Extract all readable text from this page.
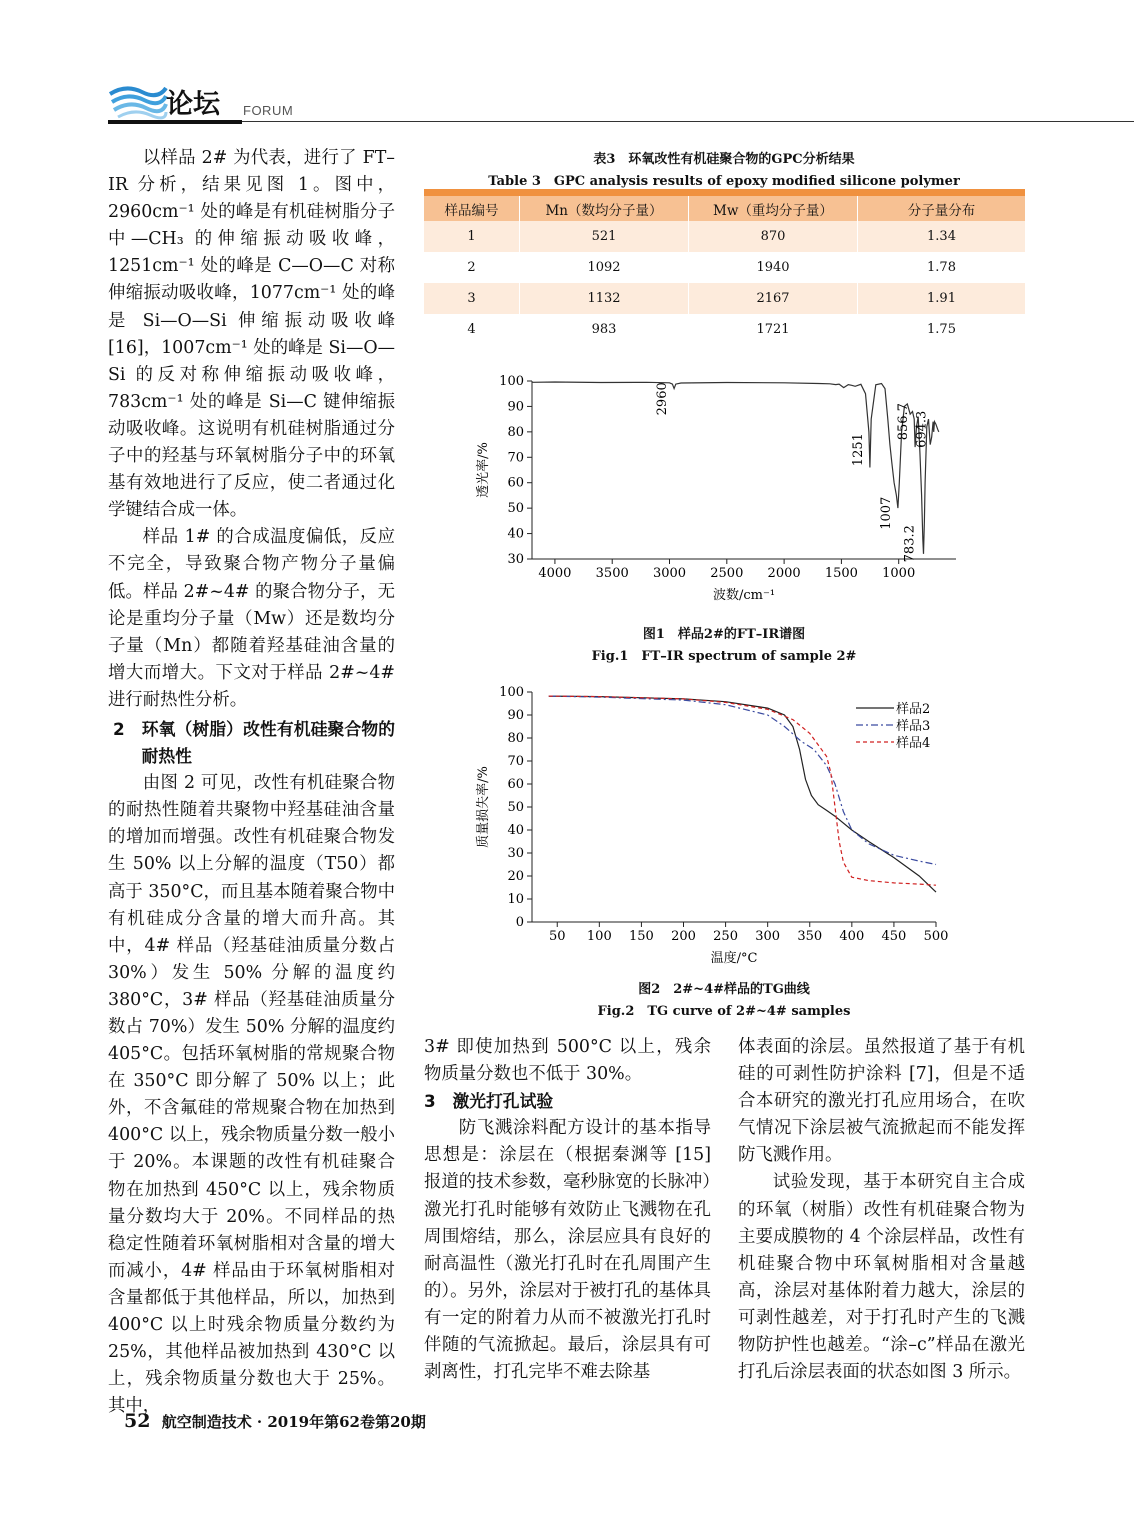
论坛 FORUM

以样品 2# 为代表，进行了 FT–IR 分析，结果见图 1。图中，2960cm⁻¹ 处的峰是有机硅树脂分子中—CH₃ 的伸缩振动吸收峰，1251cm⁻¹ 处的峰是 C—O—C 对称伸缩振动吸收峰，1077cm⁻¹ 处的峰是 Si—O—Si 伸缩振动吸收峰 [16]，1007cm⁻¹ 处的峰是 Si—O—Si 的反对称伸缩振动吸收峰，783cm⁻¹ 处的峰是 Si—C 键伸缩振动吸收峰。这说明有机硅树脂通过分子中的羟基与环氧树脂分子中的环氧基有效地进行了反应，使二者通过化学键结合成一体。

样品 1# 的合成温度偏低，反应不完全，导致聚合物产物分子量偏低。样品 2#~4# 的聚合物分子，无论是重均分子量（Mw）还是数均分子量（Mn）都随着羟基硅油含量的增大而增大。下文对于样品 2#~4# 进行耐热性分析。

2　环氧（树脂）改性有机硅聚合物的耐热性

由图 2 可见，改性有机硅聚合物的耐热性随着共聚物中羟基硅油含量的增加而增强。改性有机硅聚合物发生 50% 以上分解的温度（T50）都高于 350°C，而且基本随着聚合物中有机硅成分含量的增大而升高。其中，4# 样品（羟基硅油质量分数占 30%）发生 50% 分解的温度约 380°C，3# 样品（羟基硅油质量分数占 70%）发生 50% 分解的温度约 405°C。包括环氧树脂的常规聚合物在 350°C 即分解了 50% 以上；此外，不含氟硅的常规聚合物在加热到 400°C 以上，残余物质量分数一般小于 20%。本课题的改性有机硅聚合物在加热到 450°C 以上，残余物质量分数均大于 20%。不同样品的热稳定性随着环氧树脂相对含量的增大而减小，4# 样品由于环氧树脂相对含量都低于其他样品，所以，加热到 400°C 以上时残余物质量分数约为 25%，其他样品被加热到 430°C 以上，残余物质量分数也大于 25%。其中，

表3　环氧改性有机硅聚合物的GPC分析结果
Table 3　GPC analysis results of epoxy modified silicone polymer
样品编号	Mn（数均分子量）	Mw（重均分子量）	分子量分布
1	521	870	1.34
2	1092	1940	1.78
3	1132	2167	1.91
4	983	1721	1.75
4000 3500 3000 2500 2000 1500 1000
30
40
50
60
70
80
90
100
波数/cm⁻¹
透光率/%
2960
1251
1007
856.7
783.2
694.3
图1　样品2#的FT–IR谱图
Fig.1　FT–IR spectrum of sample 2#
50 100 150 200 250 300 350 400 450 500
0
10
20
30
40
50
60
70
80
90
100
温度/°C
质量损失率/%
样品2
样品3
样品4
图2　2#~4#样品的TG曲线
Fig.2　TG curve of 2#~4# samples

3# 即使加热到 500°C 以上，残余物质量分数也不低于 30%。

3　激光打孔试验

防飞溅涂料配方设计的基本指导思想是：涂层在（根据秦渊等 [15] 报道的技术参数，毫秒脉宽的长脉冲）激光打孔时能够有效防止飞溅物在孔周围熔结，那么，涂层应具有良好的耐高温性（激光打孔时在孔周围产生的）。另外，涂层对于被打孔的基体具有一定的附着力从而不被激光打孔时伴随的气流掀起。最后，涂层具有可剥离性，打孔完毕不难去除基

体表面的涂层。虽然报道了基于有机硅的可剥性防护涂料 [7]，但是不适合本研究的激光打孔应用场合，在吹气情况下涂层被气流掀起而不能发挥防飞溅作用。

试验发现，基于本研究自主合成的环氧（树脂）改性有机硅聚合物为主要成膜物的 4 个涂层样品，改性有机硅聚合物中环氧树脂相对含量越高，涂层对基体附着力越大，涂层的可剥性越差，对于打孔时产生的飞溅物防护性也越差。“涂–c”样品在激光打孔后涂层表面的状态如图 3 所示。

52 航空制造技术 · 2019年第62卷第20期
